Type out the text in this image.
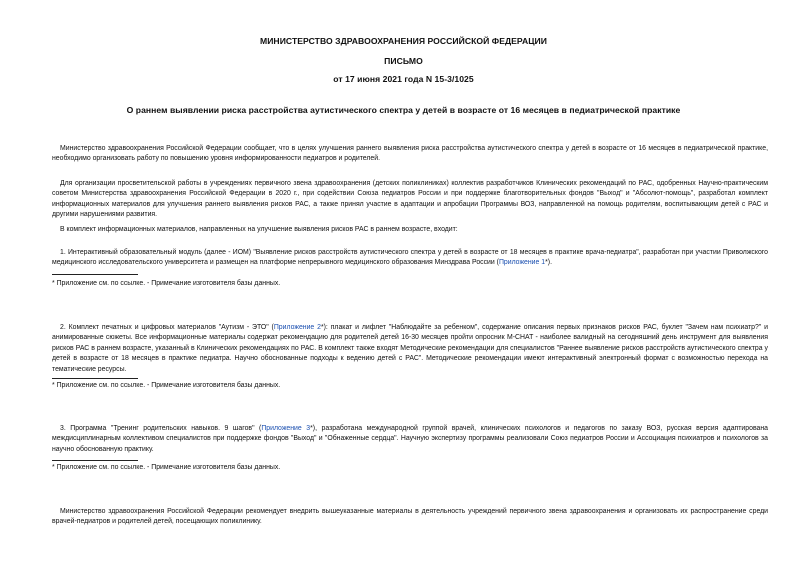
МИНИСТЕРСТВО ЗДРАВООХРАНЕНИЯ РОССИЙСКОЙ ФЕДЕРАЦИИ
ПИСЬМО
от 17 июня 2021 года N 15-3/1025
О раннем выявлении риска расстройства аутистического спектра у детей в возрасте от 16 месяцев в педиатрической практике

Министерство здравоохранения Российской Федерации сообщает, что в целях улучшения раннего выявления риска расстройства аутистического спектра у детей в возрасте от 16 месяцев в педиатрической практике, необходимо организовать работу по повышению уровня информированности педиатров и родителей.

Для организации просветительской работы в учреждениях первичного звена здравоохранения (детских поликлиниках) коллектив разработчиков Клинических рекомендаций по РАС, одобренных Научно-практическим советом Министерства здравоохранения Российской Федерации в 2020 г., при содействии Союза педиатров России и при поддержке благотворительных фондов "Выход" и "Абсолют-помощь", разработал комплект информационных материалов для улучшения раннего выявления рисков РАС, а также принял участие в адаптации и апробации Программы ВОЗ, направленной на помощь родителям, воспитывающим детей с РАС и другими нарушениями развития.

В комплект информационных материалов, направленных на улучшение выявления рисков РАС в раннем возрасте, входит:

1. Интерактивный образовательный модуль (далее - ИОМ) "Выявление рисков расстройств аутистического спектра у детей в возрасте от 18 месяцев в практике врача-педиатра", разработан при участии Приволжского медицинского исследовательского университета и размещен на платформе непрерывного медицинского образования Минздрава России (Приложение 1*).

* Приложение см. по ссылке. - Примечание изготовителя базы данных.

2. Комплект печатных и цифровых материалов "Аутизм - ЭТО" (Приложение 2*): плакат и лифлет "Наблюдайте за ребенком", содержание описания первых признаков рисков РАС, буклет "Зачем нам психиатр?" и анимированные сюжеты. Все информационные материалы содержат рекомендацию для родителей детей 16-30 месяцев пройти опросник M-CHAT - наиболее валидный на сегодняшний день инструмент для выявления рисков РАС в раннем возрасте, указанный в Клинических рекомендациях по РАС. В комплект также входят Методические рекомендации для специалистов "Раннее выявление рисков расстройств аутистического спектра у детей в возрасте от 18 месяцев в практике педиатра. Научно обоснованные подходы к ведению детей с РАС". Методические рекомендации имеют интерактивный электронный формат с возможностью перехода на тематические ресурсы.

* Приложение см. по ссылке. - Примечание изготовителя базы данных.

3. Программа "Тренинг родительских навыков. 9 шагов" (Приложение 3*), разработана международной группой врачей, клинических психологов и педагогов по заказу ВОЗ, русская версия адаптирована междисциплинарным коллективом специалистов при поддержке фондов "Выход" и "Обнаженные сердца". Научную экспертизу программы реализовали Союз педиатров России и Ассоциация психиатров и психологов за научно обоснованную практику.

* Приложение см. по ссылке. - Примечание изготовителя базы данных.

Министерство здравоохранения Российской Федерации рекомендует внедрить вышеуказанные материалы в деятельность учреждений первичного звена здравоохранения и организовать их распространение среди врачей-педиатров и родителей детей, посещающих поликлинику.
